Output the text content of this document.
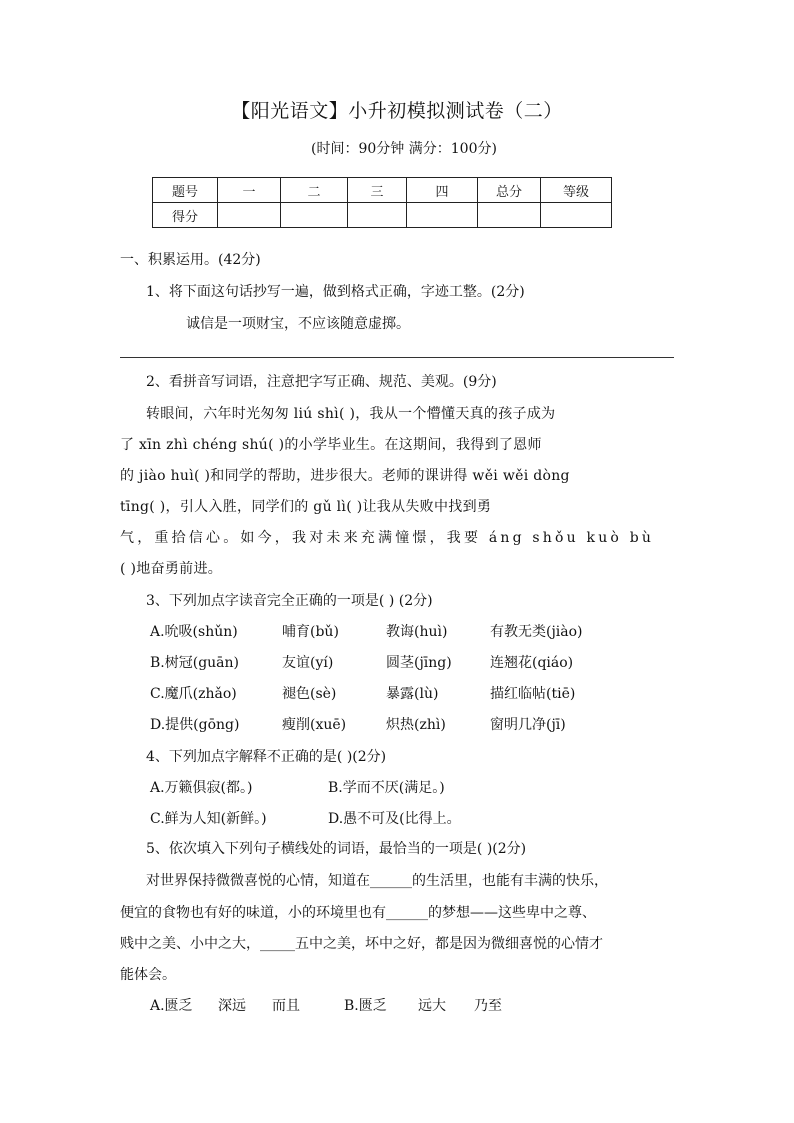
【阳光语文】小升初模拟测试卷（二）
(时间：90分钟 满分：100分)
题号	一	二	三	四	总分	等级
得分						
一、积累运用。(42分)
1、将下面这句话抄写一遍，做到格式正确，字迹工整。(2分)
诚信是一项财宝，不应该随意虚掷。
2、看拼音写词语，注意把字写正确、规范、美观。(9分)
转眼间，六年时光匆匆 liú shì( )，我从一个懵懂天真的孩子成为
了 xīn zhì chéng shú( )的小学毕业生。在这期间，我得到了恩师
的 jiào huì( )和同学的帮助，进步很大。老师的课讲得 wěi wěi dòng
tīng( )，引人入胜，同学们的 gǔ lì( )让我从失败中找到勇
气，重拾信心。如今，我对未来充满憧憬，我要 áng shǒu kuò bù
( )地奋勇前进。
3、下列加点字读音完全正确的一项是( ) (2分)
A.吮吸(shǔn)	哺育(bǔ)	教诲(huì)	有教无类(jiào)
B.树冠(guān)	友谊(yí)	圆茎(jīng)	连翘花(qiáo)
C.魔爪(zhǎo)	褪色(sè)	暴露(lù)	描红临帖(tiē)
D.提供(gōng)	瘦削(xuē)	炽热(zhì)	窗明几净(jī)
4、下列加点字解释不正确的是( )(2分)
A.万籁俱寂(都。)	B.学而不厌(满足。)
C.鲜为人知(新鲜。)	D.愚不可及(比得上。
5、依次填入下列句子横线处的词语，最恰当的一项是( )(2分)
对世界保持微微喜悦的心情，知道在______的生活里，也能有丰满的快乐，
便宜的食物也有好的味道，小的环境里也有______的梦想——这些卑中之尊、
贱中之美、小中之大，_____五中之美，坏中之好，都是因为微细喜悦的心情才
能体会。
A.匮乏 深远 而且	B.匮乏 远大 乃至
